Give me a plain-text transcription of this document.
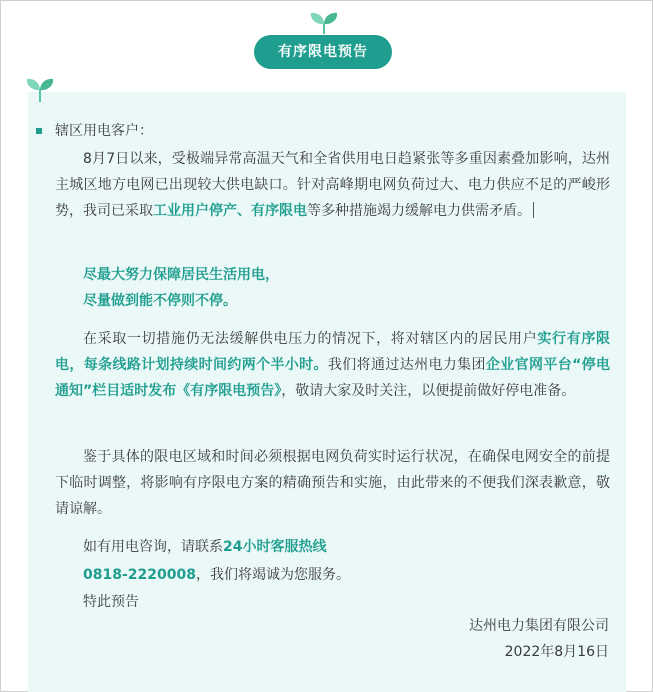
有序限电预告
辖区用电客户：

8月7日以来，受极端异常高温天气和全省供用电日趋紧张等多重因素叠加影响，达州主城区地方电网已出现较大供电缺口。针对高峰期电网负荷过大、电力供应不足的严峻形势，我司已采取工业用户停产、有序限电等多种措施竭力缓解电力供需矛盾。

尽最大努力保障居民生活用电，
尽量做到能不停则不停。

在采取一切措施仍无法缓解供电压力的情况下，将对辖区内的居民用户实行有序限电，每条线路计划持续时间约两个半小时。我们将通过达州电力集团企业官网平台“停电通知”栏目适时发布《有序限电预告》，敬请大家及时关注，以便提前做好停电准备。

鉴于具体的限电区域和时间必须根据电网负荷实时运行状况，在确保电网安全的前提下临时调整，将影响有序限电方案的精确预告和实施，由此带来的不便我们深表歉意，敬请谅解。

如有用电咨询，请联系24小时客服热线
0818-2220008，我们将竭诚为您服务。
特此预告
达州电力集团有限公司
2022年8月16日
